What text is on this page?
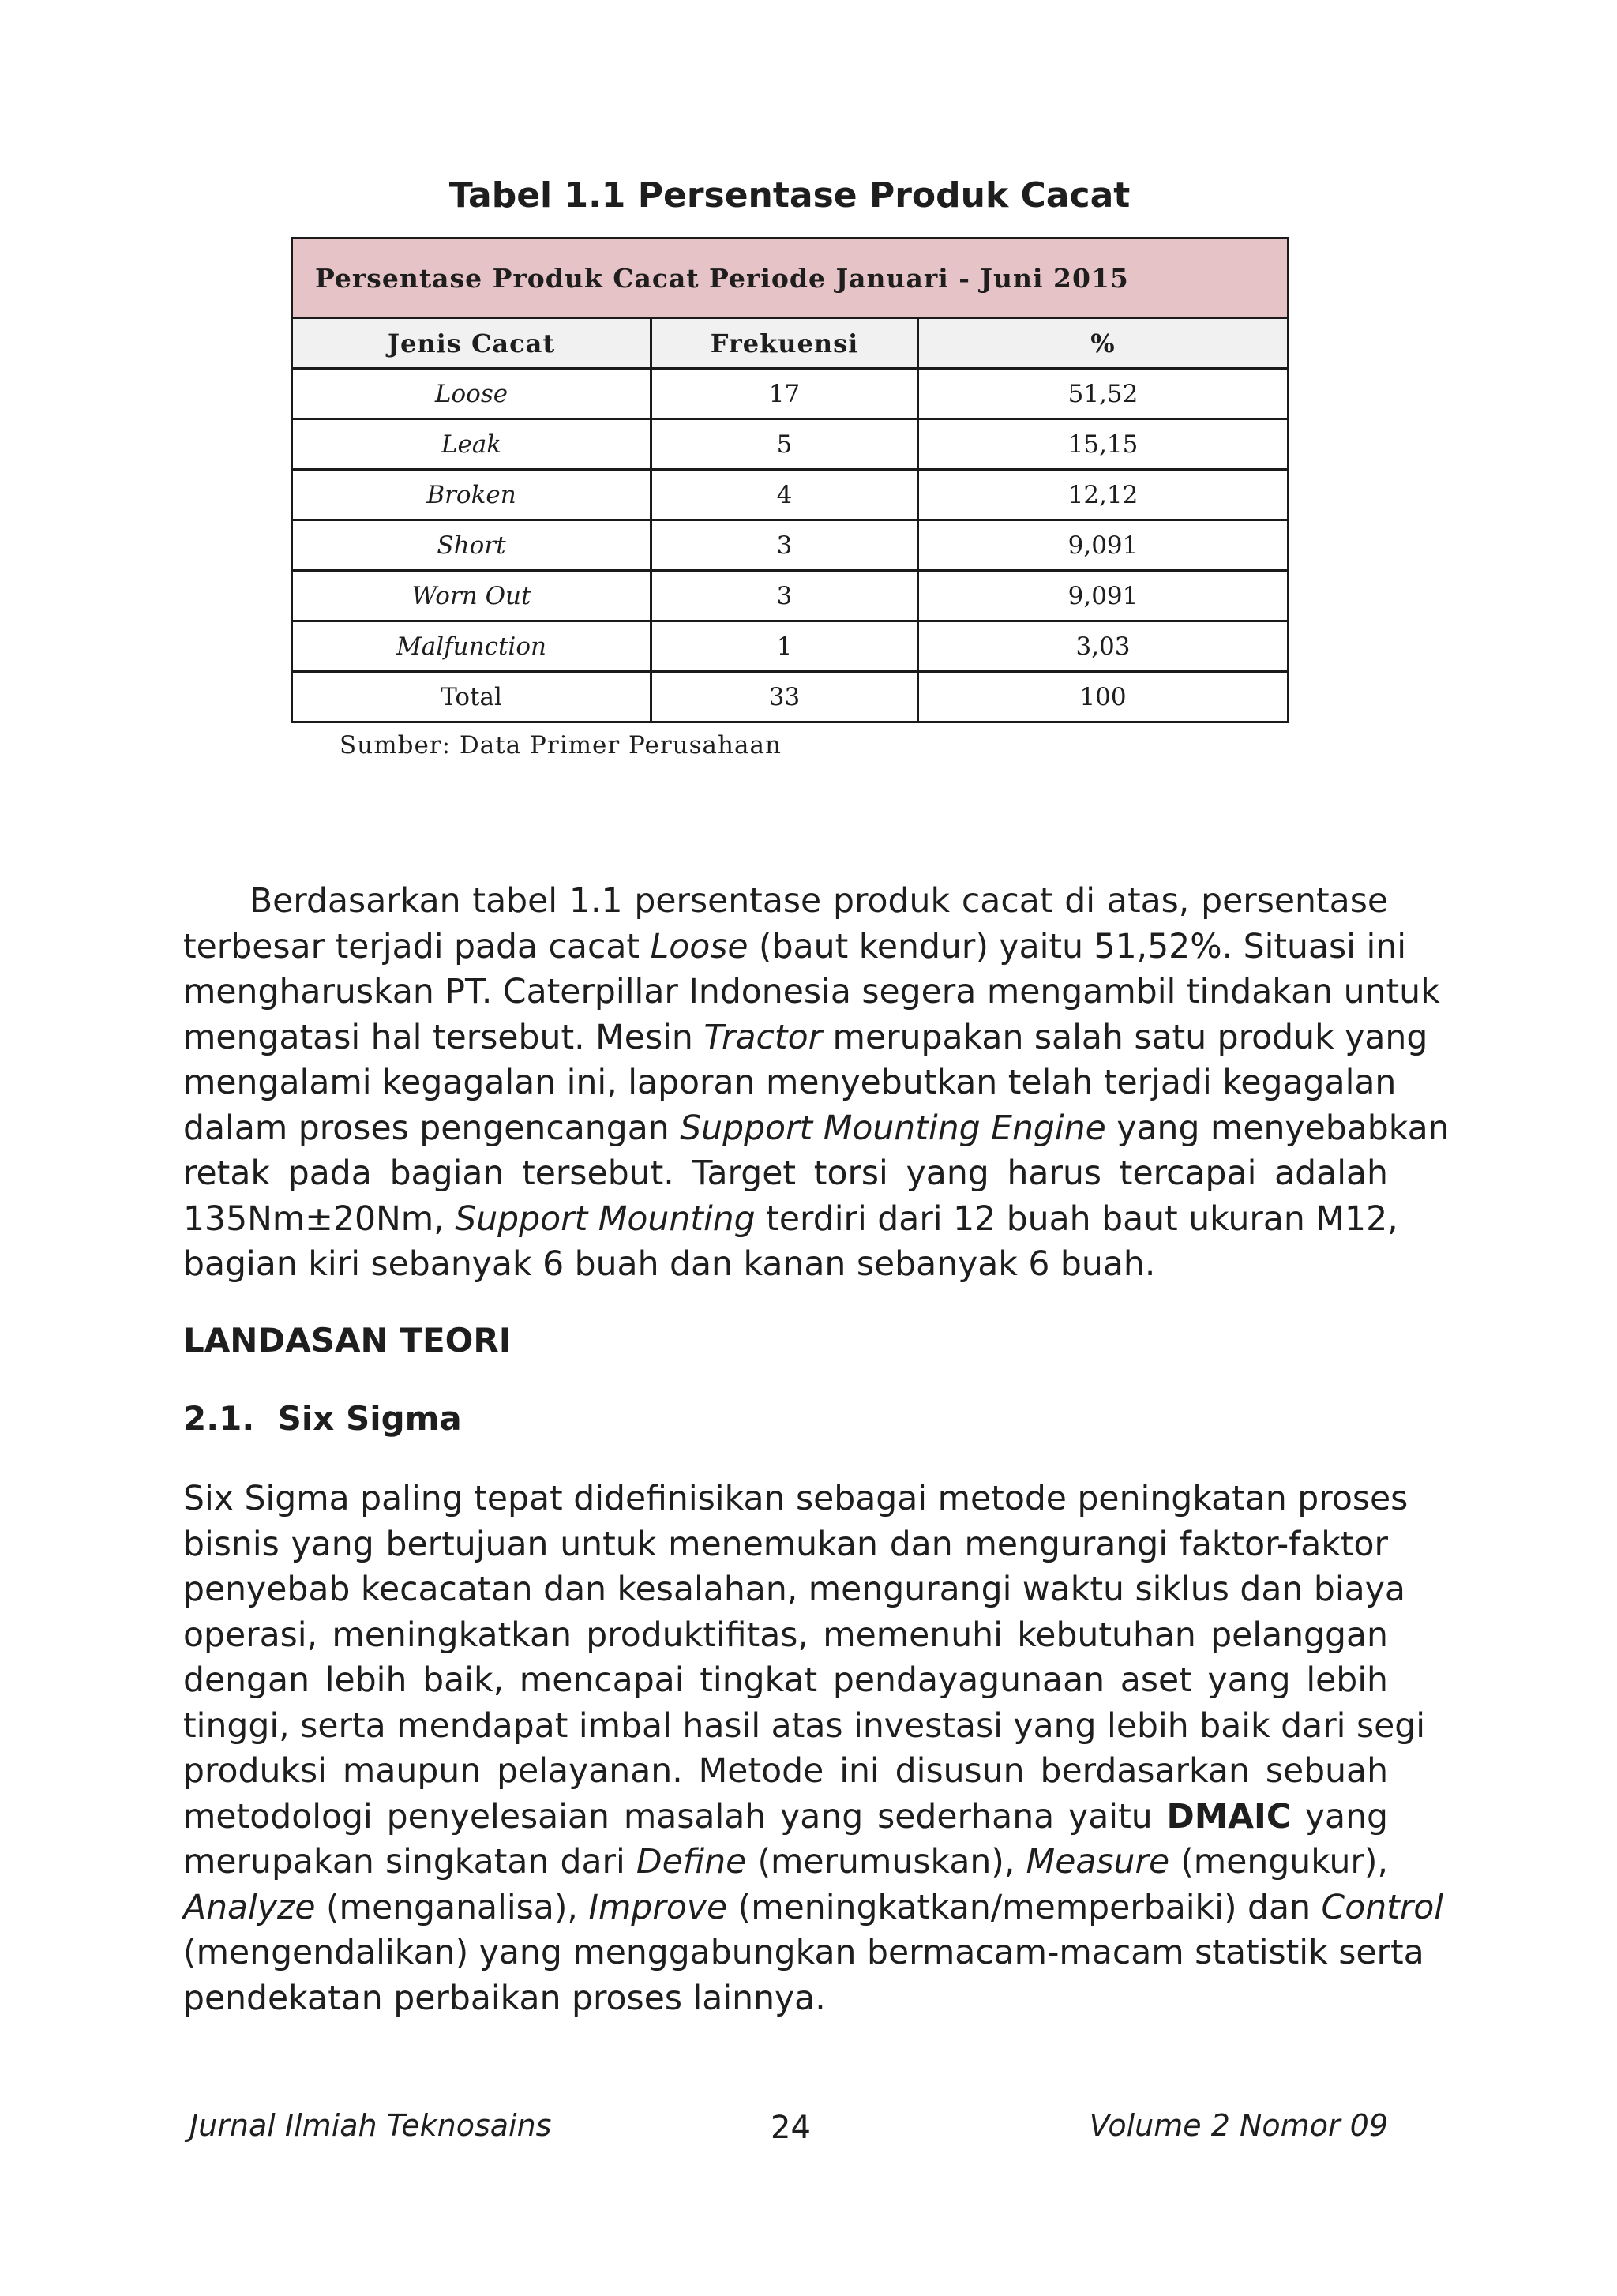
Tabel 1.1 Persentase Produk Cacat
Persentase Produk Cacat Periode Januari - Juni 2015		
Jenis Cacat	Frekuensi	%
Loose	17	51,52
Leak	5	15,15
Broken	4	12,12
Short	3	9,091
Worn Out	3	9,091
Malfunction	1	3,03
Total	33	100
Sumber: Data Primer Perusahaan
Berdasarkan tabel 1.1 persentase produk cacat di atas, persentase
terbesar terjadi pada cacat Loose (baut kendur) yaitu 51,52%. Situasi ini
mengharuskan PT. Caterpillar Indonesia segera mengambil tindakan untuk
mengatasi hal tersebut. Mesin Tractor merupakan salah satu produk yang
mengalami kegagalan ini, laporan menyebutkan telah terjadi kegagalan
dalam proses pengencangan Support Mounting Engine yang menyebabkan
retak pada bagian tersebut. Target torsi yang harus tercapai adalah
135Nm±20Nm, Support Mounting terdiri dari 12 buah baut ukuran M12,
bagian kiri sebanyak 6 buah dan kanan sebanyak 6 buah.
LANDASAN TEORI
2.1.  Six Sigma
Six Sigma paling tepat didefinisikan sebagai metode peningkatan proses
bisnis yang bertujuan untuk menemukan dan mengurangi faktor-faktor
penyebab kecacatan dan kesalahan, mengurangi waktu siklus dan biaya
operasi, meningkatkan produktifitas, memenuhi kebutuhan pelanggan
dengan lebih baik, mencapai tingkat pendayagunaan aset yang lebih
tinggi, serta mendapat imbal hasil atas investasi yang lebih baik dari segi
produksi maupun pelayanan. Metode ini disusun berdasarkan sebuah
metodologi penyelesaian masalah yang sederhana yaitu DMAIC yang
merupakan singkatan dari Define (merumuskan), Measure (mengukur),
Analyze (menganalisa), Improve (meningkatkan/memperbaiki) dan Control
(mengendalikan) yang menggabungkan bermacam-macam statistik serta
pendekatan perbaikan proses lainnya.
Jurnal Ilmiah Teknosains	24	Volume 2 Nomor 09
